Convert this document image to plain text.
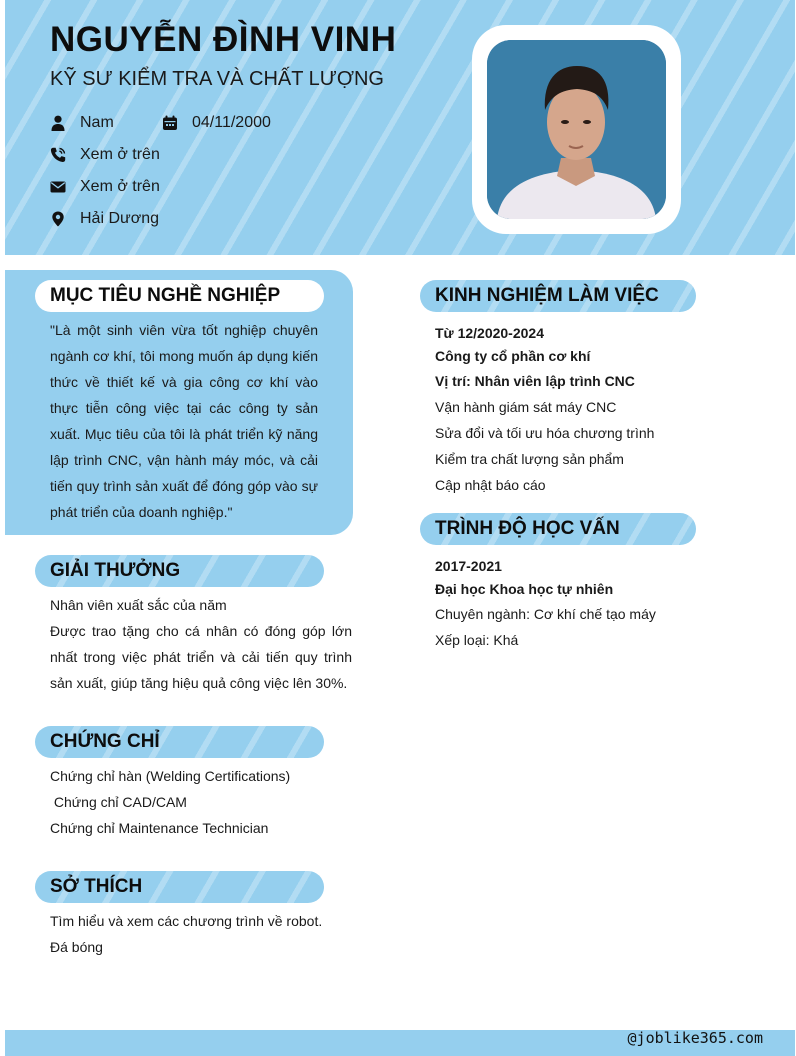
NGUYỄN ĐÌNH VINH
KỸ SƯ KIỂM TRA VÀ CHẤT LƯỢNG
Nam	04/11/2000
Xem ở trên
Xem ở trên
Hải Dương
MỤC TIÊU NGHỀ NGHIỆP
"Là một sinh viên vừa tốt nghiệp chuyên ngành cơ khí, tôi mong muốn áp dụng kiến thức về thiết kế và gia công cơ khí vào thực tiễn công việc tại các công ty sản xuất. Mục tiêu của tôi là phát triển kỹ năng lập trình CNC, vận hành máy móc, và cải tiến quy trình sản xuất để đóng góp vào sự phát triển của doanh nghiệp."
GIẢI THƯỞNG
Nhân viên xuất sắc của năm
Được trao tặng cho cá nhân có đóng góp lớn nhất trong việc phát triển và cải tiến quy trình sản xuất, giúp tăng hiệu quả công việc lên 30%.
CHỨNG CHỈ
Chứng chỉ hàn (Welding Certifications)
Chứng chỉ CAD/CAM
Chứng chỉ Maintenance Technician
SỞ THÍCH
Tìm hiểu và xem các chương trình về robot.
Đá bóng
KINH NGHIỆM LÀM VIỆC
Từ 12/2020-2024
Công ty cổ phần cơ khí
Vị trí: Nhân viên lập trình CNC
Vận hành giám sát máy CNC
Sửa đổi và tối ưu hóa chương trình
Kiểm tra chất lượng sản phẩm
Cập nhật báo cáo
TRÌNH ĐỘ HỌC VẤN
2017-2021
Đại học Khoa học tự nhiên
Chuyên ngành: Cơ khí chế tạo máy
Xếp loại: Khá
@joblike365.com
